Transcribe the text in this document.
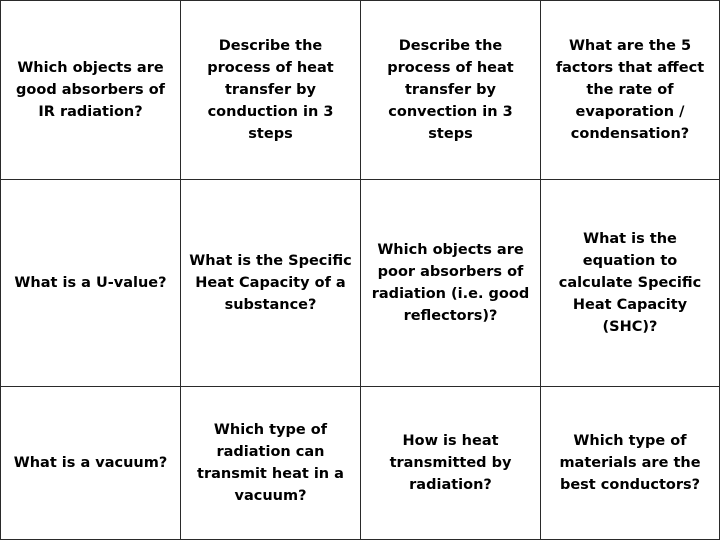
Which objects are good absorbers of IR radiation?
Describe the process of heat transfer by conduction in 3 steps
Describe the process of heat transfer by convection in 3 steps
What are the 5 factors that affect the rate of evaporation / condensation?
What is a U-value?
What is the Specific Heat Capacity of a substance?
Which objects are poor absorbers of radiation (i.e. good reflectors)?
What is the equation to calculate Specific Heat Capacity (SHC)?
What is a vacuum?
Which type of radiation can transmit heat in a vacuum?
How is heat transmitted by radiation?
Which type of materials are the best conductors?
